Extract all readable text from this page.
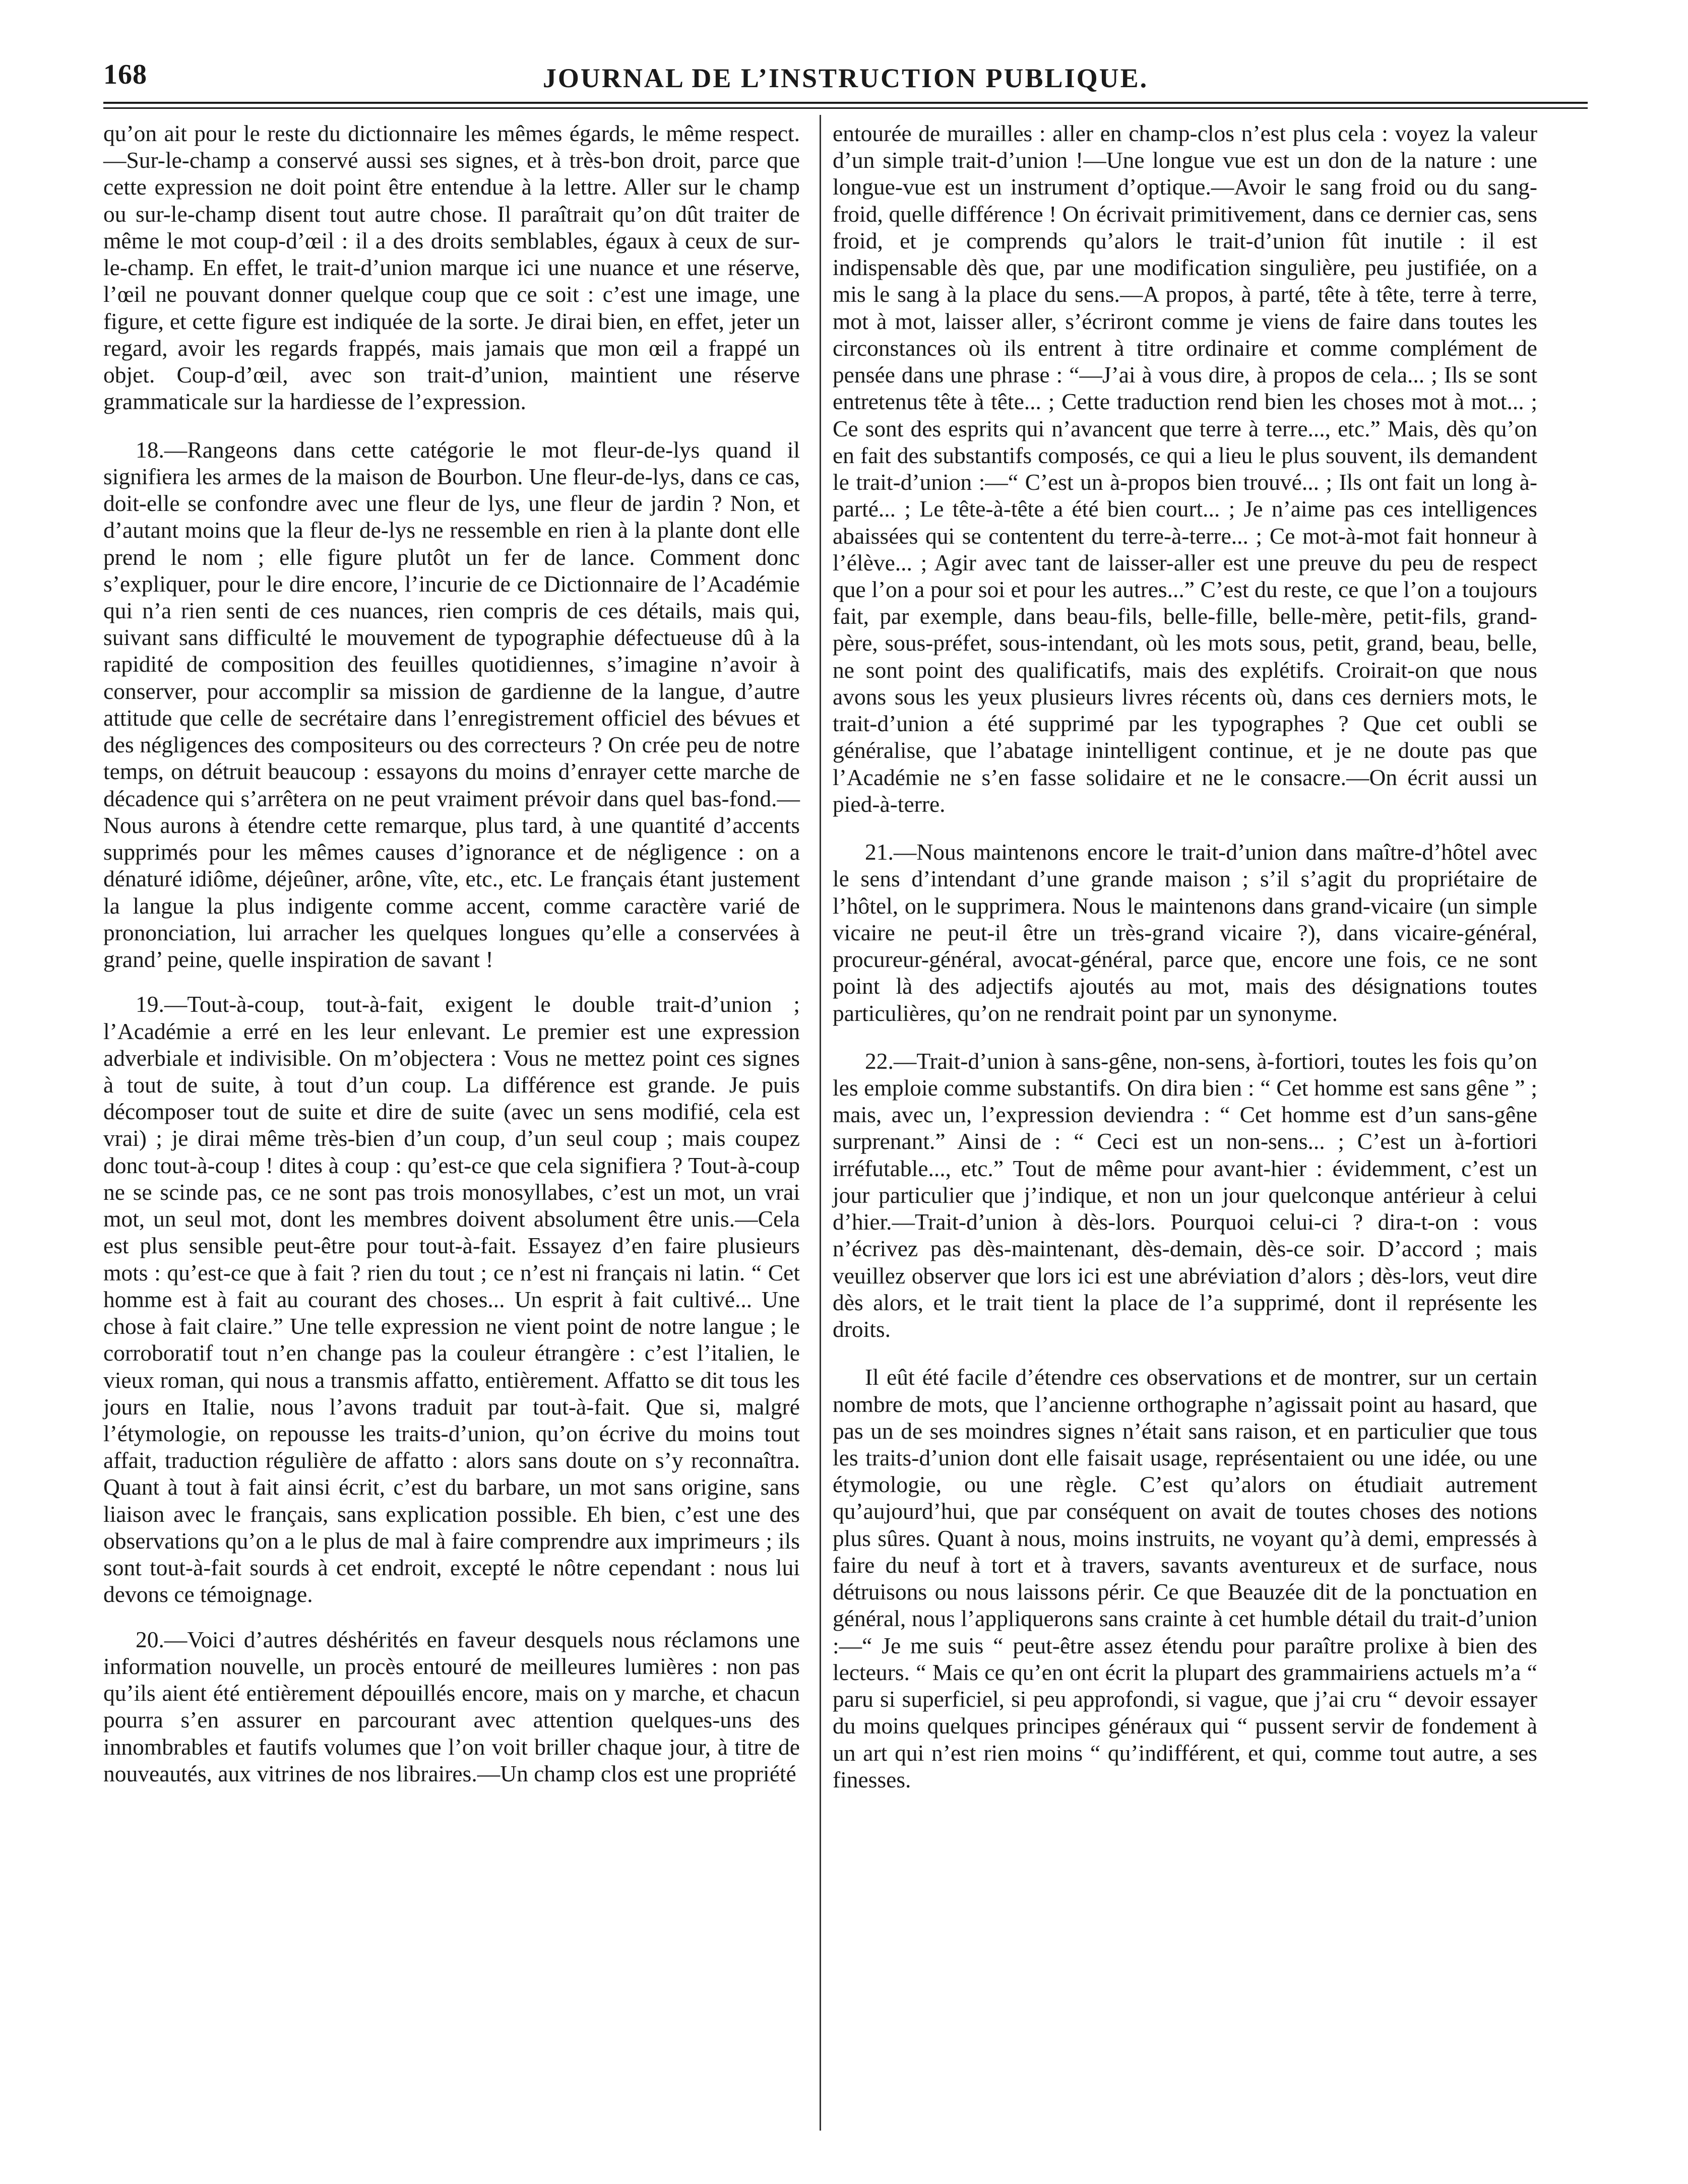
168	JOURNAL DE L’INSTRUCTION PUBLIQUE.

qu’on ait pour le reste du dictionnaire les mêmes égards, le même respect.—Sur-le-champ a conservé aussi ses signes, et à très-bon droit, parce que cette expression ne doit point être entendue à la lettre. Aller sur le champ ou sur-le-champ disent tout autre chose. Il paraîtrait qu’on dût traiter de même le mot coup-d’œil : il a des droits semblables, égaux à ceux de sur-le-champ. En effet, le trait-d’union marque ici une nuance et une réserve, l’œil ne pouvant donner quelque coup que ce soit : c’est une image, une figure, et cette figure est indiquée de la sorte. Je dirai bien, en effet, jeter un regard, avoir les regards frappés, mais jamais que mon œil a frappé un objet. Coup-d’œil, avec son trait-d’union, maintient une réserve grammaticale sur la hardiesse de l’expression.

18.—Rangeons dans cette catégorie le mot fleur-de-lys quand il signifiera les armes de la maison de Bourbon. Une fleur-de-lys, dans ce cas, doit-elle se confondre avec une fleur de lys, une fleur de jardin ? Non, et d’autant moins que la fleur de-lys ne ressemble en rien à la plante dont elle prend le nom ; elle figure plutôt un fer de lance. Comment donc s’expliquer, pour le dire encore, l’incurie de ce Dictionnaire de l’Académie qui n’a rien senti de ces nuances, rien compris de ces détails, mais qui, suivant sans difficulté le mouvement de typographie défectueuse dû à la rapidité de composition des feuilles quotidiennes, s’imagine n’avoir à conserver, pour accomplir sa mission de gardienne de la langue, d’autre attitude que celle de secrétaire dans l’enregistrement officiel des bévues et des négligences des compositeurs ou des correcteurs ? On crée peu de notre temps, on détruit beaucoup : essayons du moins d’enrayer cette marche de décadence qui s’arrêtera on ne peut vraiment prévoir dans quel bas-fond.—Nous aurons à étendre cette remarque, plus tard, à une quantité d’accents supprimés pour les mêmes causes d’ignorance et de négligence : on a dénaturé idiôme, déjeûner, arône, vîte, etc., etc. Le français étant justement la langue la plus indigente comme accent, comme caractère varié de prononciation, lui arracher les quelques longues qu’elle a conservées à grand’ peine, quelle inspiration de savant !

19.—Tout-à-coup, tout-à-fait, exigent le double trait-d’union ; l’Académie a erré en les leur enlevant. Le premier est une expression adverbiale et indivisible. On m’objectera : Vous ne mettez point ces signes à tout de suite, à tout d’un coup. La différence est grande. Je puis décomposer tout de suite et dire de suite (avec un sens modifié, cela est vrai) ; je dirai même très-bien d’un coup, d’un seul coup ; mais coupez donc tout-à-coup ! dites à coup : qu’est-ce que cela signifiera ? Tout-à-coup ne se scinde pas, ce ne sont pas trois monosyllabes, c’est un mot, un vrai mot, un seul mot, dont les membres doivent absolument être unis.—Cela est plus sensible peut-être pour tout-à-fait. Essayez d’en faire plusieurs mots : qu’est-ce que à fait ? rien du tout ; ce n’est ni français ni latin. “ Cet homme est à fait au courant des choses... Un esprit à fait cultivé... Une chose à fait claire.” Une telle expression ne vient point de notre langue ; le corroboratif tout n’en change pas la couleur étrangère : c’est l’italien, le vieux roman, qui nous a transmis affatto, entièrement. Affatto se dit tous les jours en Italie, nous l’avons traduit par tout-à-fait. Que si, malgré l’étymologie, on repousse les traits-d’union, qu’on écrive du moins tout affait, traduction régulière de affatto : alors sans doute on s’y reconnaîtra. Quant à tout à fait ainsi écrit, c’est du barbare, un mot sans origine, sans liaison avec le français, sans explication possible. Eh bien, c’est une des observations qu’on a le plus de mal à faire comprendre aux imprimeurs ; ils sont tout-à-fait sourds à cet endroit, excepté le nôtre cependant : nous lui devons ce témoignage.

20.—Voici d’autres déshérités en faveur desquels nous réclamons une information nouvelle, un procès entouré de meilleures lumières : non pas qu’ils aient été entièrement dépouillés encore, mais on y marche, et chacun pourra s’en assurer en parcourant avec attention quelques-uns des innombrables et fautifs volumes que l’on voit briller chaque jour, à titre de nouveautés, aux vitrines de nos libraires.—Un champ clos est une propriété

entourée de murailles : aller en champ-clos n’est plus cela : voyez la valeur d’un simple trait-d’union !—Une longue vue est un don de la nature : une longue-vue est un instrument d’optique.—Avoir le sang froid ou du sang-froid, quelle différence ! On écrivait primitivement, dans ce dernier cas, sens froid, et je comprends qu’alors le trait-d’union fût inutile : il est indispensable dès que, par une modification singulière, peu justifiée, on a mis le sang à la place du sens.—A propos, à parté, tête à tête, terre à terre, mot à mot, laisser aller, s’écriront comme je viens de faire dans toutes les circonstances où ils entrent à titre ordinaire et comme complément de pensée dans une phrase : “—J’ai à vous dire, à propos de cela... ; Ils se sont entretenus tête à tête... ; Cette traduction rend bien les choses mot à mot... ; Ce sont des esprits qui n’avancent que terre à terre..., etc.” Mais, dès qu’on en fait des substantifs composés, ce qui a lieu le plus souvent, ils demandent le trait-d’union :—“ C’est un à-propos bien trouvé... ; Ils ont fait un long à-parté... ; Le tête-à-tête a été bien court... ; Je n’aime pas ces intelligences abaissées qui se contentent du terre-à-terre... ; Ce mot-à-mot fait honneur à l’élève... ; Agir avec tant de laisser-aller est une preuve du peu de respect que l’on a pour soi et pour les autres...” C’est du reste, ce que l’on a toujours fait, par exemple, dans beau-fils, belle-fille, belle-mère, petit-fils, grand-père, sous-préfet, sous-intendant, où les mots sous, petit, grand, beau, belle, ne sont point des qualificatifs, mais des explétifs. Croirait-on que nous avons sous les yeux plusieurs livres récents où, dans ces derniers mots, le trait-d’union a été supprimé par les typographes ? Que cet oubli se généralise, que l’abatage inintelligent continue, et je ne doute pas que l’Académie ne s’en fasse solidaire et ne le consacre.—On écrit aussi un pied-à-terre.

21.—Nous maintenons encore le trait-d’union dans maître-d’hôtel avec le sens d’intendant d’une grande maison ; s’il s’agit du propriétaire de l’hôtel, on le supprimera. Nous le maintenons dans grand-vicaire (un simple vicaire ne peut-il être un très-grand vicaire ?), dans vicaire-général, procureur-général, avocat-général, parce que, encore une fois, ce ne sont point là des adjectifs ajoutés au mot, mais des désignations toutes particulières, qu’on ne rendrait point par un synonyme.

22.—Trait-d’union à sans-gêne, non-sens, à-fortiori, toutes les fois qu’on les emploie comme substantifs. On dira bien : “ Cet homme est sans gêne ” ; mais, avec un, l’expression deviendra : “ Cet homme est d’un sans-gêne surprenant.” Ainsi de : “ Ceci est un non-sens... ; C’est un à-fortiori irréfutable..., etc.” Tout de même pour avant-hier : évidemment, c’est un jour particulier que j’indique, et non un jour quelconque antérieur à celui d’hier.—Trait-d’union à dès-lors. Pourquoi celui-ci ? dira-t-on : vous n’écrivez pas dès-maintenant, dès-demain, dès-ce soir. D’accord ; mais veuillez observer que lors ici est une abréviation d’alors ; dès-lors, veut dire dès alors, et le trait tient la place de l’a supprimé, dont il représente les droits.

Il eût été facile d’étendre ces observations et de montrer, sur un certain nombre de mots, que l’ancienne orthographe n’agissait point au hasard, que pas un de ses moindres signes n’était sans raison, et en particulier que tous les traits-d’union dont elle faisait usage, représentaient ou une idée, ou une étymologie, ou une règle. C’est qu’alors on étudiait autrement qu’aujourd’hui, que par conséquent on avait de toutes choses des notions plus sûres. Quant à nous, moins instruits, ne voyant qu’à demi, empressés à faire du neuf à tort et à travers, savants aventureux et de surface, nous détruisons ou nous laissons périr. Ce que Beauzée dit de la ponctuation en général, nous l’appliquerons sans crainte à cet humble détail du trait-d’union :—“ Je me suis “ peut-être assez étendu pour paraître prolixe à bien des lecteurs. “ Mais ce qu’en ont écrit la plupart des grammairiens actuels m’a “ paru si superficiel, si peu approfondi, si vague, que j’ai cru “ devoir essayer du moins quelques principes généraux qui “ pussent servir de fondement à un art qui n’est rien moins “ qu’indifférent, et qui, comme tout autre, a ses finesses.
